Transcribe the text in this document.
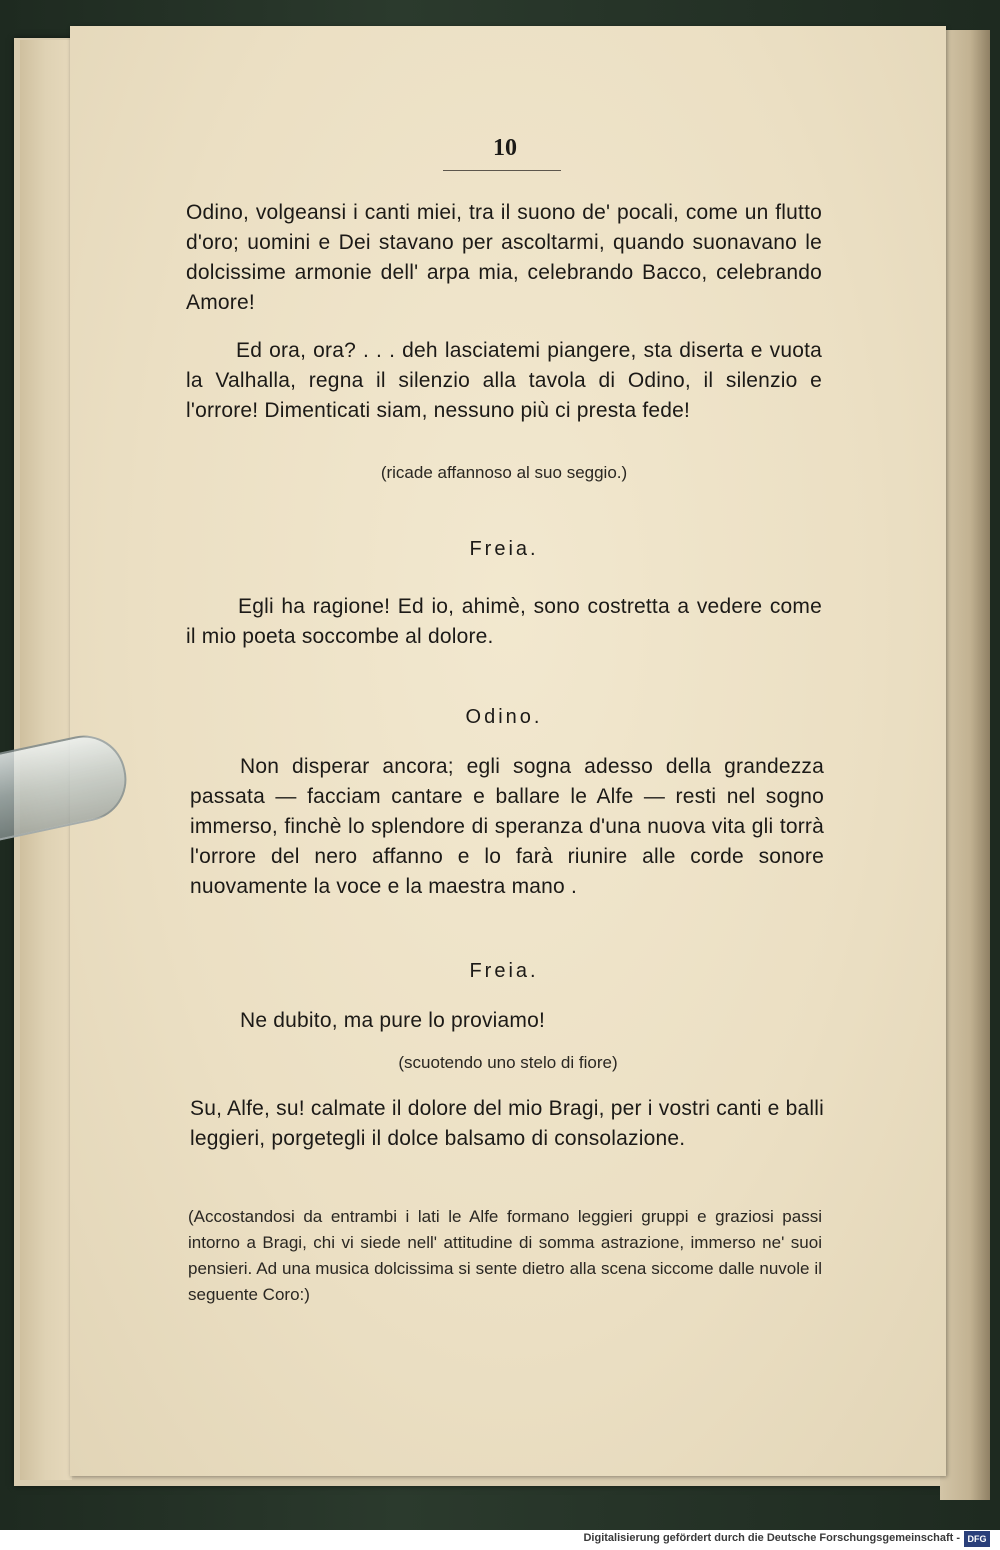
10

Odino, volgeansi i canti miei, tra il suono de' pocali, come un flutto d'oro; uomini e Dei stavano per ascoltarmi, quando suonavano le dolcissime armonie dell' arpa mia, celebrando Bacco, celebrando Amore!

Ed ora, ora? . . . deh lasciatemi piangere, sta diserta e vuota la Valhalla, regna il silenzio alla tavola di Odino, il silenzio e l'orrore! Dimenticati siam, nessuno più ci presta fede!

(ricade affannoso al suo seggio.)

Freia.

Egli ha ragione! Ed io, ahimè, sono costretta a vedere come il mio poeta soccombe al dolore.

Odino.

Non disperar ancora; egli sogna adesso della grandezza passata — facciam cantare e ballare le Alfe — resti nel sogno immerso, finchè lo splendore di speranza d'una nuova vita gli torrà l'orrore del nero affanno e lo farà riunire alle corde sonore nuovamente la voce e la maestra mano .

Freia.

Ne dubito, ma pure lo proviamo!

(scuotendo uno stelo di fiore)

Su, Alfe, su! calmate il dolore del mio Bragi, per i vostri canti e balli leggieri, porgetegli il dolce balsamo di consolazione.

(Accostandosi da entrambi i lati le Alfe formano leggieri gruppi e graziosi passi intorno a Bragi, chi vi siede nell' attitudine di somma astrazione, immerso ne' suoi pensieri. Ad una musica dolcissima si sente dietro alla scena siccome dalle nuvole il seguente Coro:)

Digitalisierung gefördert durch die Deutsche Forschungsgemeinschaft - DFG
